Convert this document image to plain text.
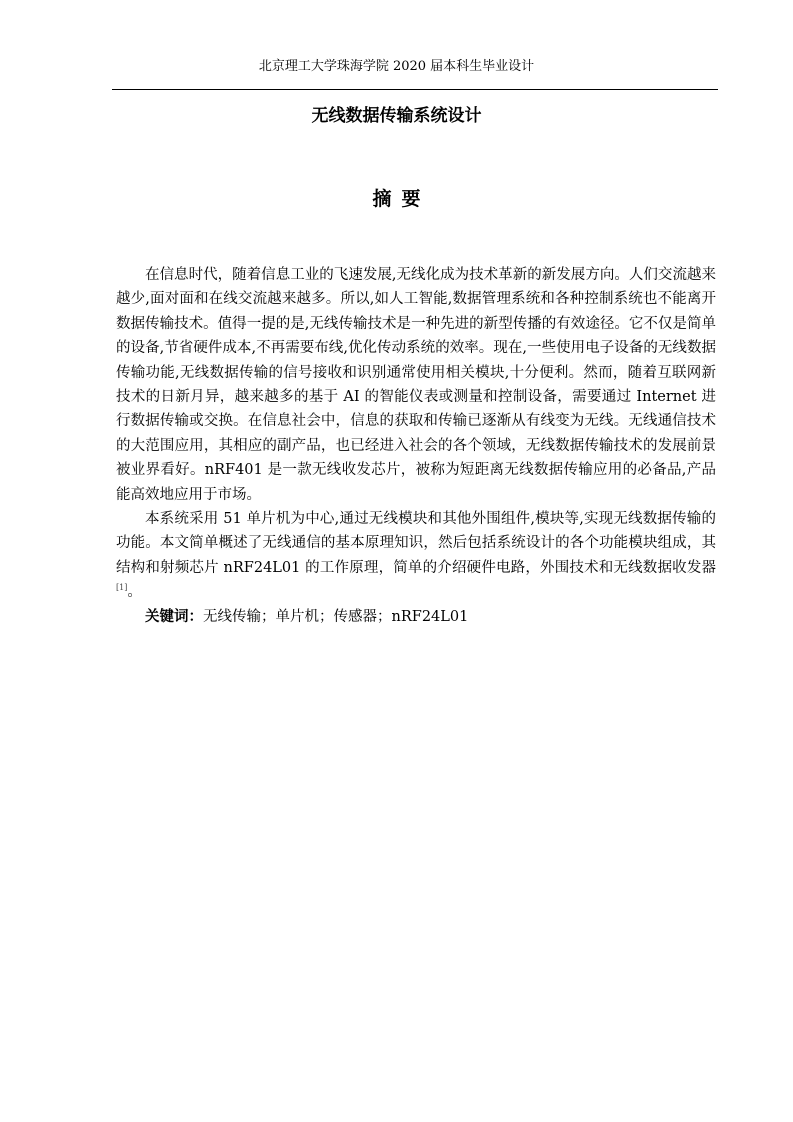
北京理工大学珠海学院 2020 届本科生毕业设计
无线数据传输系统设计
摘 要

在信息时代，随着信息工业的飞速发展,无线化成为技术革新的新发展方向。人们交流越来越少,面对面和在线交流越来越多。所以,如人工智能,数据管理系统和各种控制系统也不能离开数据传输技术。值得一提的是,无线传输技术是一种先进的新型传播的有效途径。它不仅是简单的设备,节省硬件成本,不再需要布线,优化传动系统的效率。现在,一些使用电子设备的无线数据传输功能,无线数据传输的信号接收和识别通常使用相关模块,十分便利。然而，随着互联网新技术的日新月异，越来越多的基于 AI 的智能仪表或测量和控制设备，需要通过 Internet 进行数据传输或交换。在信息社会中，信息的获取和传输已逐渐从有线变为无线。无线通信技术的大范围应用，其相应的副产品，也已经进入社会的各个领域，无线数据传输技术的发展前景被业界看好。nRF401 是一款无线收发芯片，被称为短距离无线数据传输应用的必备品,产品能高效地应用于市场。

本系统采用 51 单片机为中心,通过无线模块和其他外围组件,模块等,实现无线数据传输的功能。本文简单概述了无线通信的基本原理知识，然后包括系统设计的各个功能模块组成，其结构和射频芯片 nRF24L01 的工作原理，简单的介绍硬件电路，外围技术和无线数据收发器[1]。

关键词：无线传输；单片机；传感器；nRF24L01
